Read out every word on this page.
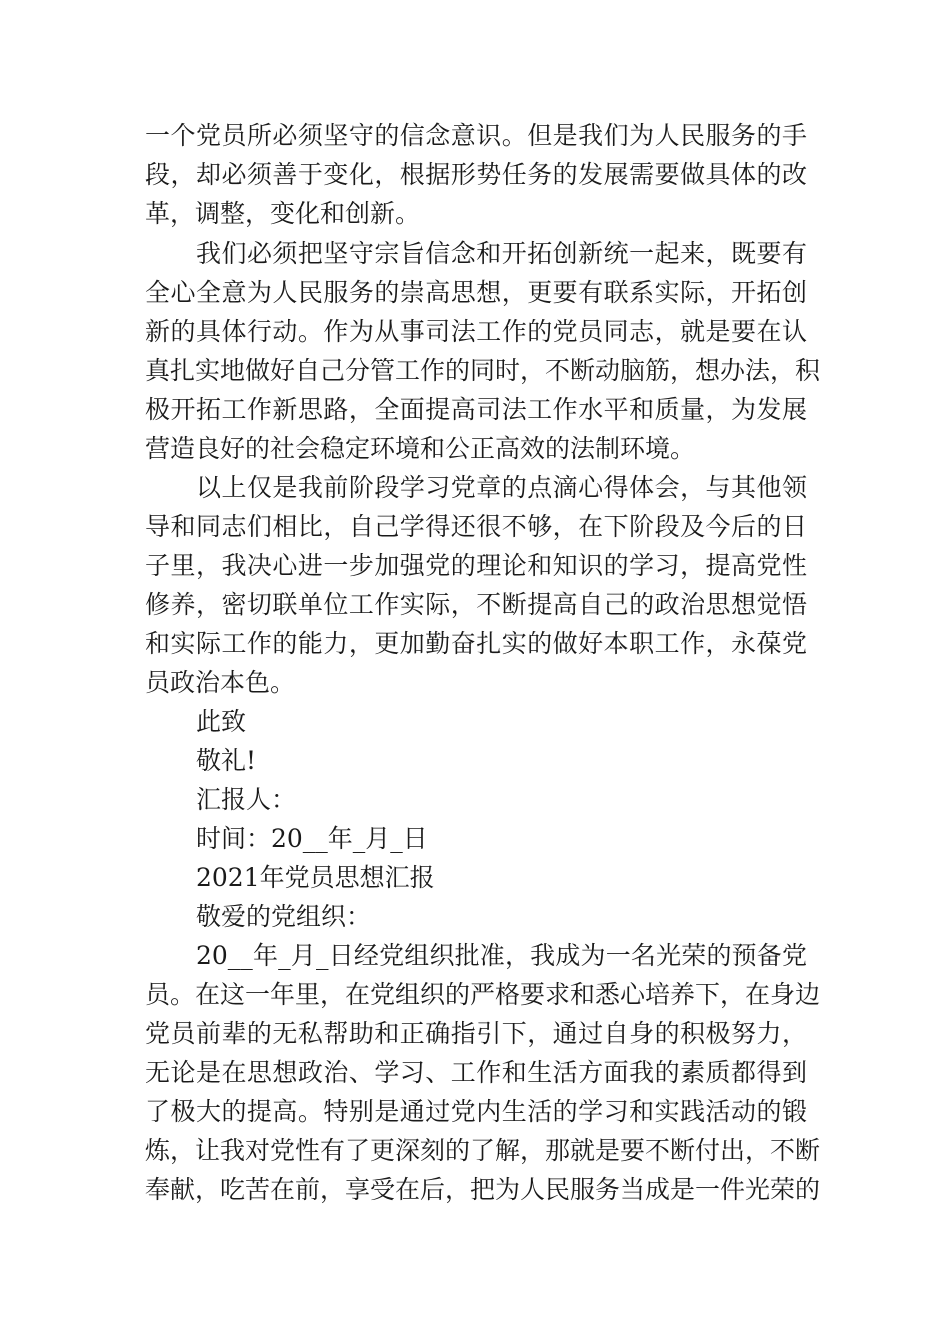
一个党员所必须坚守的信念意识。但是我们为人民服务的手
段，却必须善于变化，根据形势任务的发展需要做具体的改
革，调整，变化和创新。
我们必须把坚守宗旨信念和开拓创新统一起来，既要有
全心全意为人民服务的崇高思想，更要有联系实际，开拓创
新的具体行动。作为从事司法工作的党员同志，就是要在认
真扎实地做好自己分管工作的同时，不断动脑筋，想办法，积
极开拓工作新思路，全面提高司法工作水平和质量，为发展
营造良好的社会稳定环境和公正高效的法制环境。
以上仅是我前阶段学习党章的点滴心得体会，与其他领
导和同志们相比，自己学得还很不够，在下阶段及今后的日
子里，我决心进一步加强党的理论和知识的学习，提高党性
修养，密切联单位工作实际，不断提高自己的政治思想觉悟
和实际工作的能力，更加勤奋扎实的做好本职工作，永葆党
员政治本色。
此致
敬礼!
汇报人：
时间：20__年_月_日
2021年党员思想汇报
敬爱的党组织：
20__年_月_日经党组织批准，我成为一名光荣的预备党
员。在这一年里，在党组织的严格要求和悉心培养下，在身边
党员前辈的无私帮助和正确指引下，通过自身的积极努力，
无论是在思想政治、学习、工作和生活方面我的素质都得到
了极大的提高。特别是通过党内生活的学习和实践活动的锻
炼，让我对党性有了更深刻的了解，那就是要不断付出，不断
奉献，吃苦在前，享受在后，把为人民服务当成是一件光荣的
